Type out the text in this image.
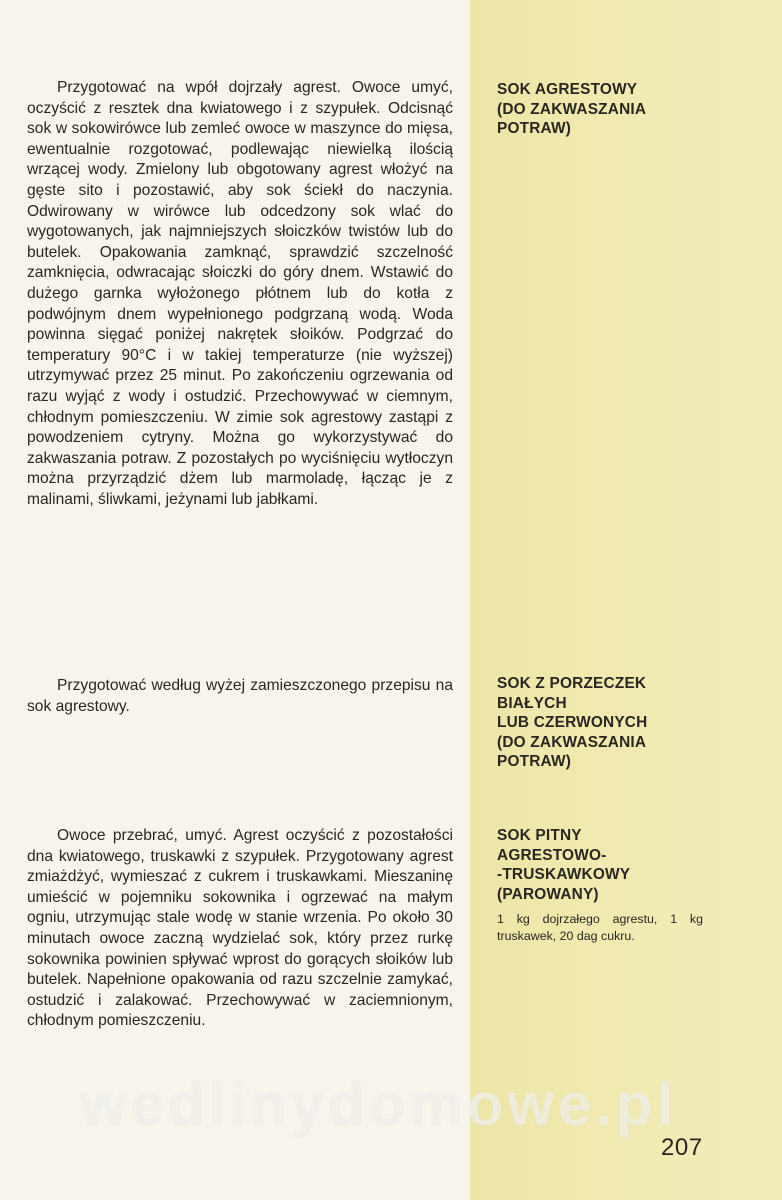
Przygotować na wpół dojrzały agrest. Owoce umyć, oczyścić z resztek dna kwiatowego i z szypułek. Odcisnąć sok w sokowirówce lub zemleć owoce w maszynce do mięsa, ewentualnie rozgotować, podlewając niewielką ilością wrzącej wody. Zmielony lub obgotowany agrest włożyć na gęste sito i pozostawić, aby sok ściekł do naczynia. Odwirowany w wirówce lub odcedzony sok wlać do wygotowanych, jak najmniejszych słoiczków twistów lub do butelek. Opakowania zamknąć, sprawdzić szczelność zamknięcia, odwracając słoiczki do góry dnem. Wstawić do dużego garnka wyłożonego płótnem lub do kotła z podwójnym dnem wypełnionego podgrzaną wodą. Woda powinna sięgać poniżej nakrętek słoików. Podgrzać do temperatury 90°C i w takiej temperaturze (nie wyższej) utrzymywać przez 25 minut. Po zakończeniu ogrzewania od razu wyjąć z wody i ostudzić. Przechowywać w ciemnym, chłodnym pomieszczeniu. W zimie sok agrestowy zastąpi z powodzeniem cytryny. Można go wykorzystywać do zakwaszania potraw. Z pozostałych po wyciśnięciu wytłoczyn można przyrządzić dżem lub marmoladę, łącząc je z malinami, śliwkami, jeżynami lub jabłkami.

SOK AGRESTOWY
(DO ZAKWASZANIA
POTRAW)

Przygotować według wyżej zamieszczonego przepisu na sok agrestowy.

SOK Z PORZECZEK
BIAŁYCH
LUB CZERWONYCH
(DO ZAKWASZANIA
POTRAW)

Owoce przebrać, umyć. Agrest oczyścić z pozostałości dna kwiatowego, truskawki z szypułek. Przygotowany agrest zmiażdżyć, wymieszać z cukrem i truskawkami. Mieszaninę umieścić w pojemniku sokownika i ogrzewać na małym ogniu, utrzymując stale wodę w stanie wrzenia. Po około 30 minutach owoce zaczną wydzielać sok, który przez rurkę sokownika powinien spływać wprost do gorących słoików lub butelek. Napełnione opakowania od razu szczelnie zamykać, ostudzić i zalakować. Przechowywać w zaciemnionym, chłodnym pomieszczeniu.

SOK PITNY
AGRESTOWO-
-TRUSKAWKOWY
(PAROWANY)
1 kg dojrzałego agrestu, 1 kg truskawek, 20 dag cukru.
wedlinydomowe.pl
207
